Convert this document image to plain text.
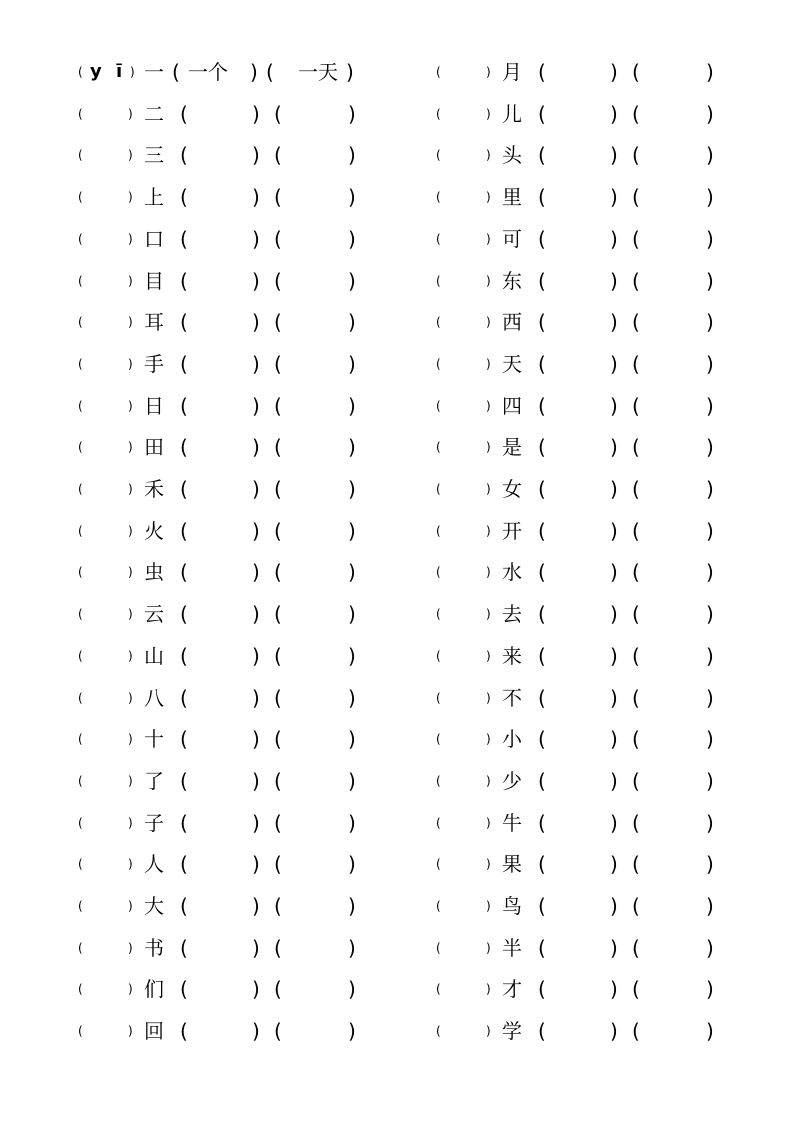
( y ī ) 一 ( 一个 ) ( 一天 )	(	) 月 (	) (	)
(	) 二 (	) (	)	(	) 儿 (	) (	)
(	) 三 (	) (	)	(	) 头 (	) (	)
(	) 上 (	) (	)	(	) 里 (	) (	)
(	) 口 (	) (	)	(	) 可 (	) (	)
(	) 目 (	) (	)	(	) 东 (	) (	)
(	) 耳 (	) (	)	(	) 西 (	) (	)
(	) 手 (	) (	)	(	) 天 (	) (	)
(	) 日 (	) (	)	(	) 四 (	) (	)
(	) 田 (	) (	)	(	) 是 (	) (	)
(	) 禾 (	) (	)	(	) 女 (	) (	)
(	) 火 (	) (	)	(	) 开 (	) (	)
(	) 虫 (	) (	)	(	) 水 (	) (	)
(	) 云 (	) (	)	(	) 去 (	) (	)
(	) 山 (	) (	)	(	) 来 (	) (	)
(	) 八 (	) (	)	(	) 不 (	) (	)
(	) 十 (	) (	)	(	) 小 (	) (	)
(	) 了 (	) (	)	(	) 少 (	) (	)
(	) 子 (	) (	)	(	) 牛 (	) (	)
(	) 人 (	) (	)	(	) 果 (	) (	)
(	) 大 (	) (	)	(	) 鸟 (	) (	)
(	) 书 (	) (	)	(	) 半 (	) (	)
(	) 们 (	) (	)	(	) 才 (	) (	)
(	) 回 (	) (	)	(	) 学 (	) (	)
